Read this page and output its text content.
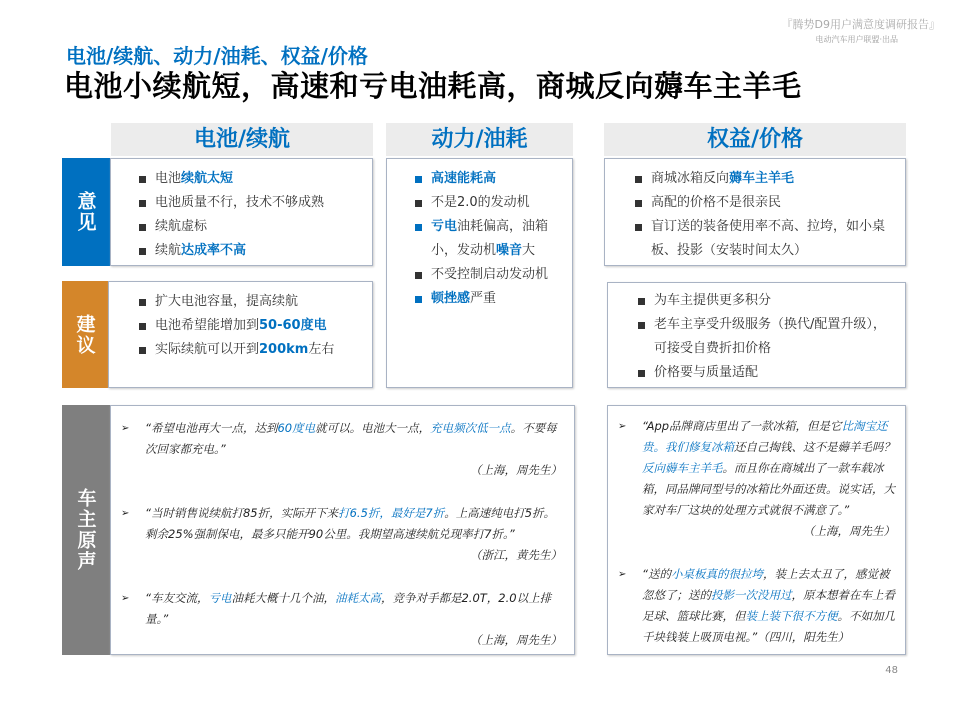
『腾势D9用户满意度调研报告』
电动汽车用户联盟·出品
电池/续航、动力/油耗、权益/价格
电池小续航短，高速和亏电油耗高，商城反向薅车主羊毛
电池/续航	动力/油耗	权益/价格
意见
建议
车主原声
电池续航太短
电池质量不行，技术不够成熟
续航虚标
续航达成率不高
扩大电池容量，提高续航
电池希望能增加到50-60度电
实际续航可以开到200km左右
高速能耗高
不是2.0的发动机
亏电油耗偏高，油箱小，发动机噪音大
不受控制启动发动机
顿挫感严重
商城冰箱反向薅车主羊毛
高配的价格不是很亲民
盲订送的装备使用率不高、拉垮，如小桌板、投影（安装时间太久）
为车主提供更多积分
老车主享受升级服务（换代/配置升级），可接受自费折扣价格
价格要与质量适配
➢ “希望电池再大一点，达到60度电就可以。电池大一点，充电频次低一点。不要每次回家都充电。”
（上海，周先生）
➢ “当时销售说续航打85折，实际开下来打6.5折，最好是7折。上高速纯电打5折。剩余25%强制保电，最多只能开90公里。我期望高速续航兑现率打7折。”
（浙江，黄先生）
➢ “车友交流，亏电油耗大概十几个油，油耗太高，竞争对手都是2.0T，2.0以上排量。”
（上海，周先生）
➢ “App品牌商店里出了一款冰箱，但是它比淘宝还贵。我们修复冰箱还自己掏钱、这不是薅羊毛吗？反向薅车主羊毛。而且你在商城出了一款车载冰箱，同品牌同型号的冰箱比外面还贵。说实话，大家对车厂这块的处理方式就很不满意了。”
（上海，周先生）
➢ “送的小桌板真的很拉垮，装上去太丑了，感觉被忽悠了；送的投影一次没用过，原本想着在车上看足球、篮球比赛，但装上装下很不方便。不如加几千块钱装上吸顶电视。”（四川，阳先生）
48
